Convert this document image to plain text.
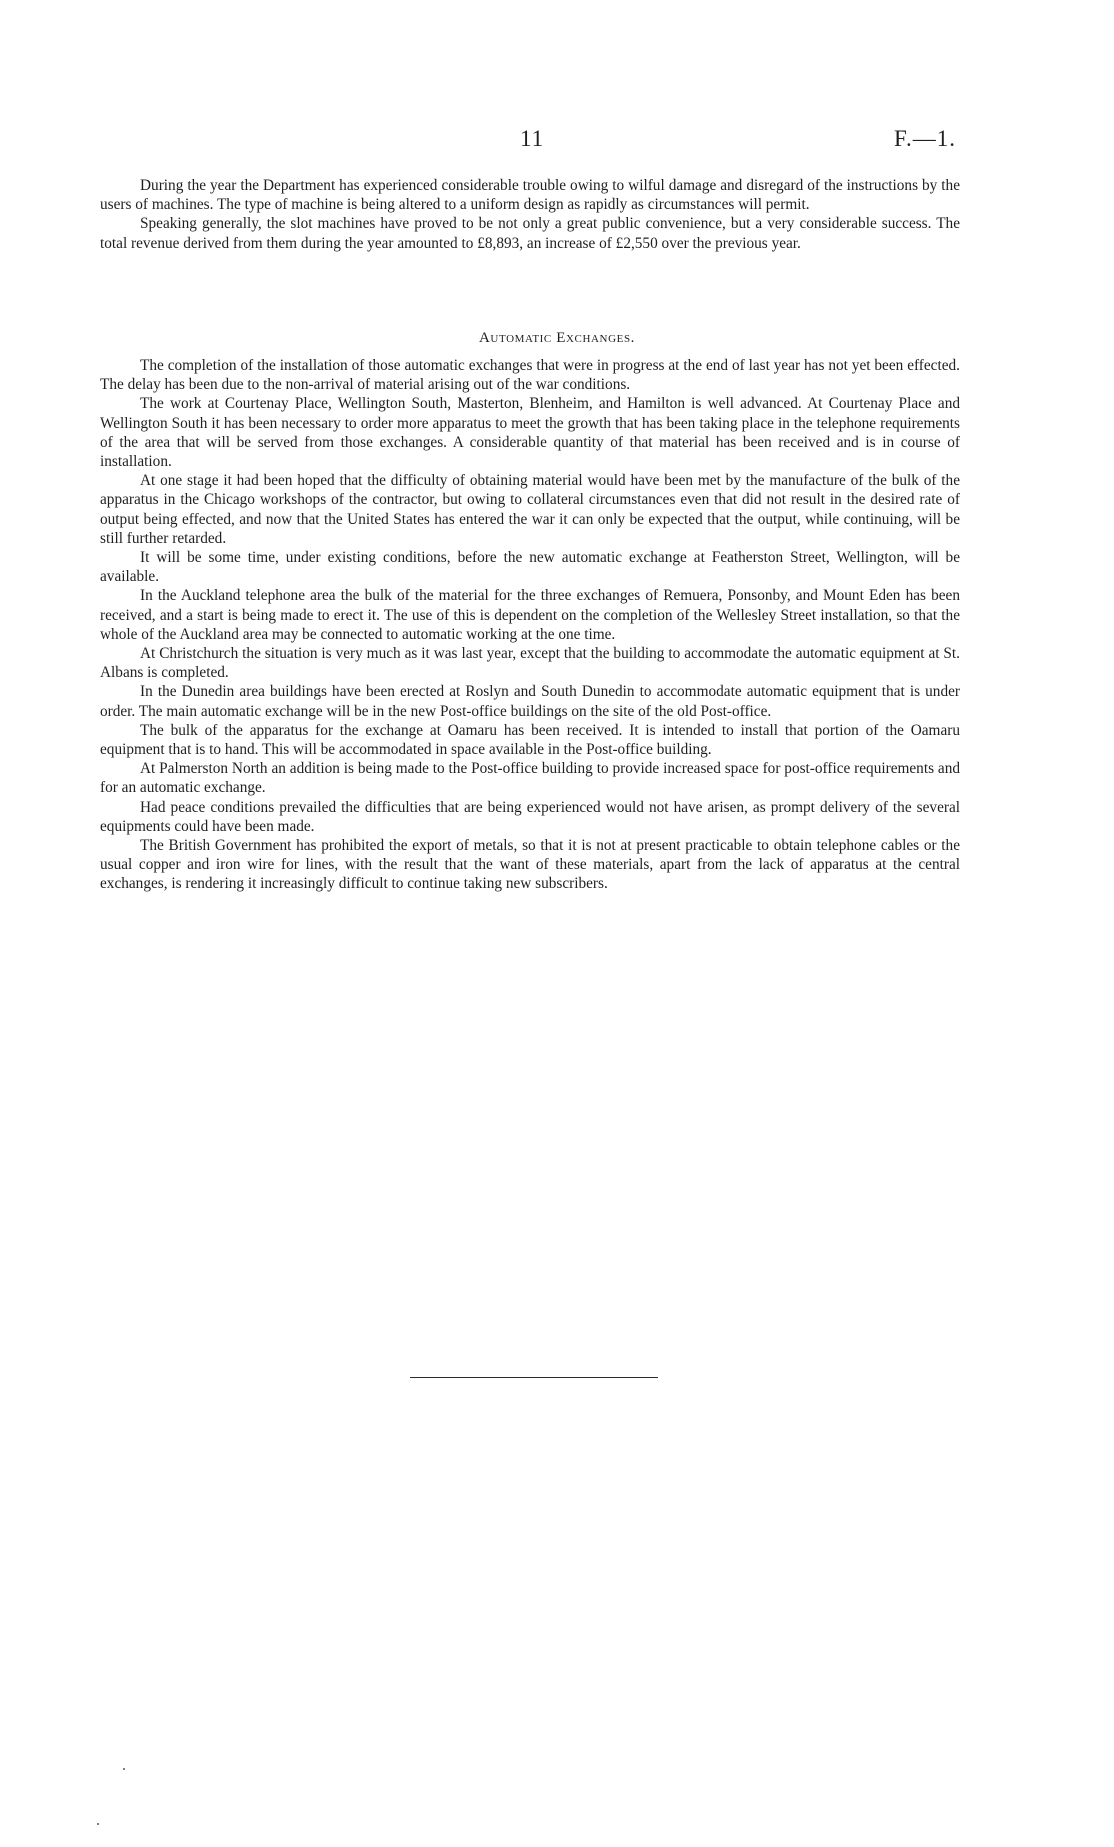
11	F.—1.

During the year the Department has experienced considerable trouble owing to wilful damage and disregard of the instructions by the users of machines. The type of machine is being altered to a uniform design as rapidly as circumstances will permit.

Speaking generally, the slot machines have proved to be not only a great public convenience, but a very considerable success. The total revenue derived from them during the year amounted to £8,893, an increase of £2,550 over the previous year.

Automatic Exchanges.

The completion of the installation of those automatic exchanges that were in progress at the end of last year has not yet been effected. The delay has been due to the non-arrival of material arising out of the war conditions.

The work at Courtenay Place, Wellington South, Masterton, Blenheim, and Hamilton is well advanced. At Courtenay Place and Wellington South it has been necessary to order more apparatus to meet the growth that has been taking place in the telephone requirements of the area that will be served from those exchanges. A considerable quantity of that material has been received and is in course of installation.

At one stage it had been hoped that the difficulty of obtaining material would have been met by the manufacture of the bulk of the apparatus in the Chicago workshops of the contractor, but owing to collateral circumstances even that did not result in the desired rate of output being effected, and now that the United States has entered the war it can only be expected that the output, while continuing, will be still further retarded.

It will be some time, under existing conditions, before the new automatic exchange at Featherston Street, Wellington, will be available.

In the Auckland telephone area the bulk of the material for the three exchanges of Remuera, Ponsonby, and Mount Eden has been received, and a start is being made to erect it. The use of this is dependent on the completion of the Wellesley Street installation, so that the whole of the Auckland area may be connected to automatic working at the one time.

At Christchurch the situation is very much as it was last year, except that the building to accommodate the automatic equipment at St. Albans is completed.

In the Dunedin area buildings have been erected at Roslyn and South Dunedin to accommodate automatic equipment that is under order. The main automatic exchange will be in the new Post-office buildings on the site of the old Post-office.

The bulk of the apparatus for the exchange at Oamaru has been received. It is intended to install that portion of the Oamaru equipment that is to hand. This will be accommodated in space available in the Post-office building.

At Palmerston North an addition is being made to the Post-office building to provide increased space for post-office requirements and for an automatic exchange.

Had peace conditions prevailed the difficulties that are being experienced would not have arisen, as prompt delivery of the several equipments could have been made.

The British Government has prohibited the export of metals, so that it is not at present practicable to obtain telephone cables or the usual copper and iron wire for lines, with the result that the want of these materials, apart from the lack of apparatus at the central exchanges, is rendering it increasingly difficult to continue taking new subscribers.
